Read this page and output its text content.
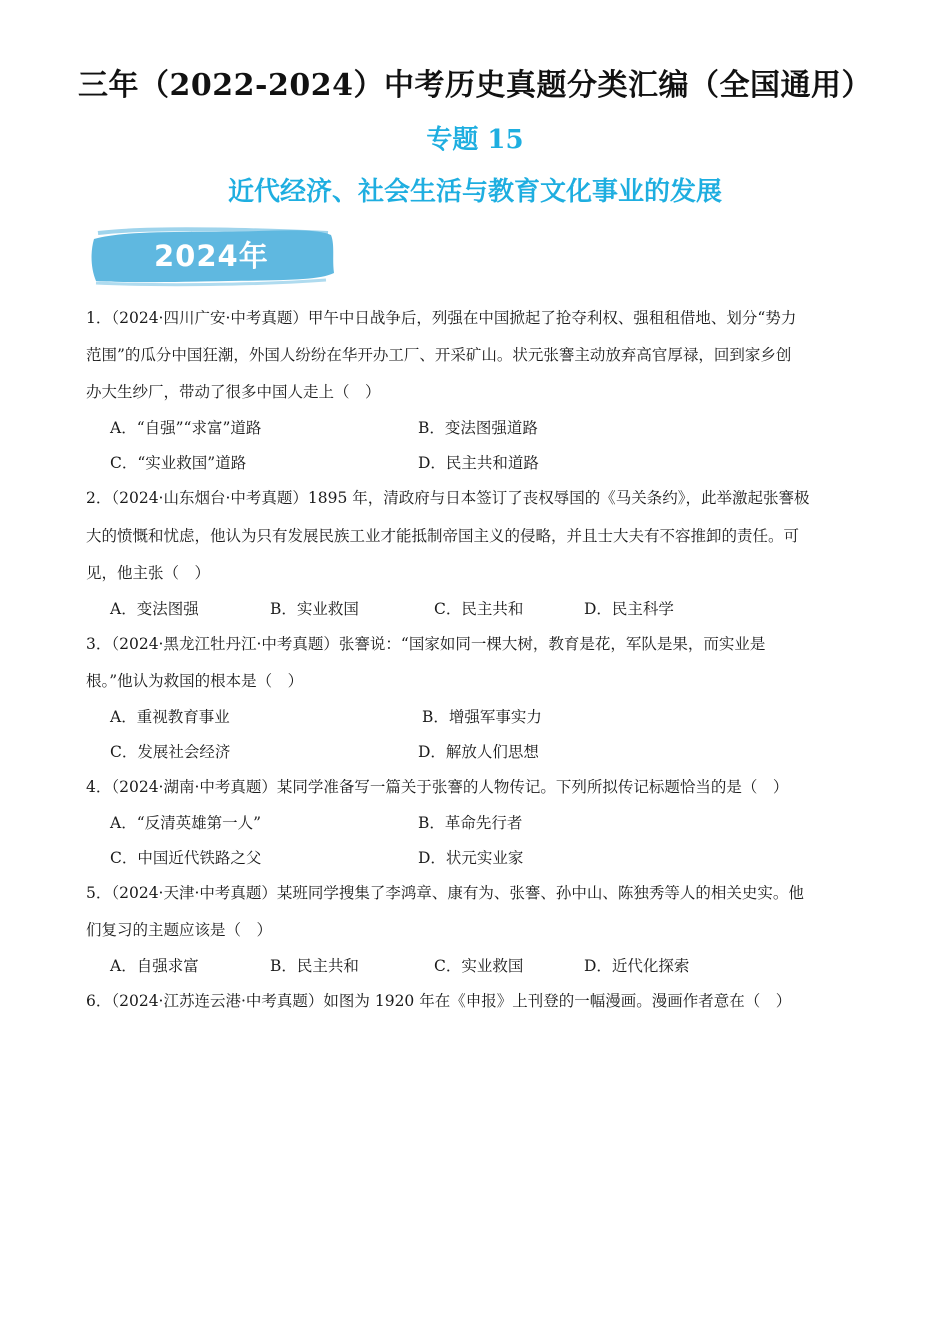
三年（2022-2024）中考历史真题分类汇编（全国通用）
专题 15
近代经济、社会生活与教育文化事业的发展
2024年
1．（2024·四川广安·中考真题）甲午中日战争后，列强在中国掀起了抢夺利权、强租租借地、划分“势力
范围”的瓜分中国狂潮，外国人纷纷在华开办工厂、开采矿山。状元张謇主动放弃高官厚禄，回到家乡创
办大生纱厂，带动了很多中国人走上（　）
A．“自强”“求富”道路	B．变法图强道路
C．“实业救国”道路	D．民主共和道路
2．（2024·山东烟台·中考真题）1895 年，清政府与日本签订了丧权辱国的《马关条约》，此举激起张謇极
大的愤慨和忧虑，他认为只有发展民族工业才能抵制帝国主义的侵略，并且士大夫有不容推卸的责任。可
见，他主张（　）
A．变法图强	B．实业救国	C．民主共和	D．民主科学
3．（2024·黑龙江牡丹江·中考真题）张謇说：“国家如同一棵大树，教育是花，军队是果，而实业是
根。”他认为救国的根本是（　）
A．重视教育事业	B．增强军事实力
C．发展社会经济	D．解放人们思想
4．（2024·湖南·中考真题）某同学准备写一篇关于张謇的人物传记。下列所拟传记标题恰当的是（　）
A．“反清英雄第一人”	B．革命先行者
C．中国近代铁路之父	D．状元实业家
5．（2024·天津·中考真题）某班同学搜集了李鸿章、康有为、张謇、孙中山、陈独秀等人的相关史实。他
们复习的主题应该是（　）
A．自强求富	B．民主共和	C．实业救国	D．近代化探索
6．（2024·江苏连云港·中考真题）如图为 1920 年在《申报》上刊登的一幅漫画。漫画作者意在（　）
